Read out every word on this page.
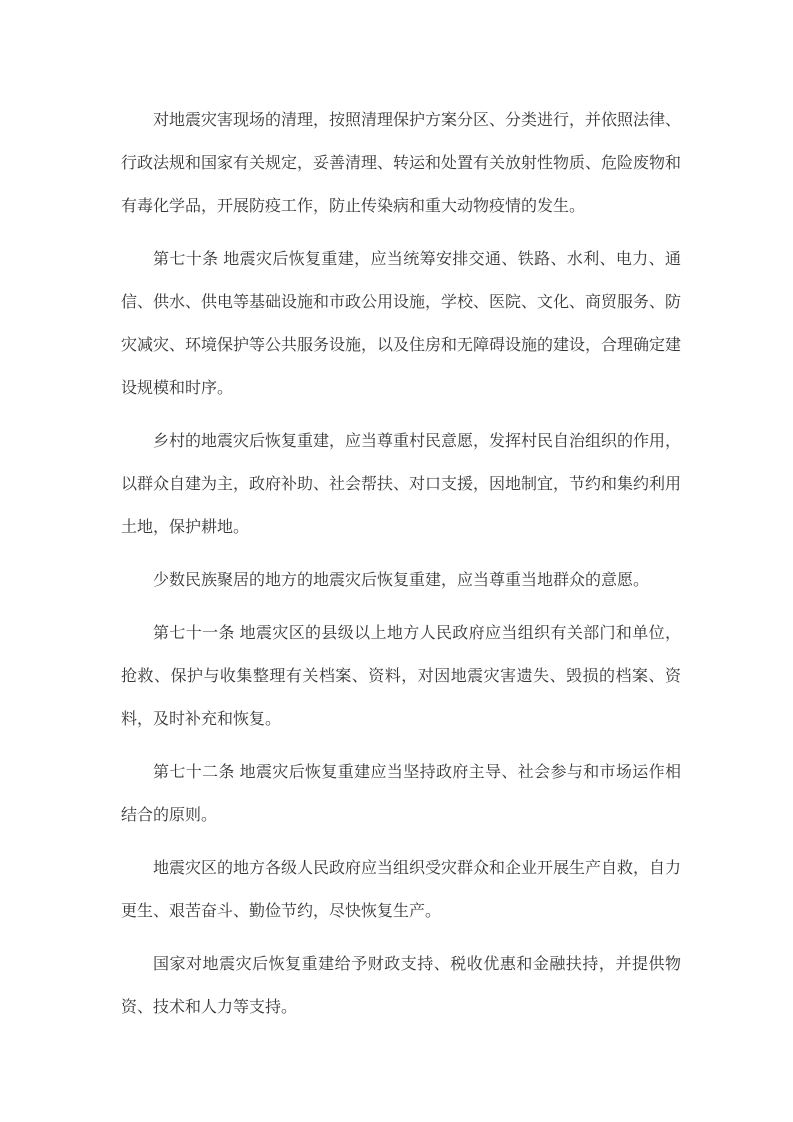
对地震灾害现场的清理，按照清理保护方案分区、分类进行，并依照法律、行政法规和国家有关规定，妥善清理、转运和处置有关放射性物质、危险废物和有毒化学品，开展防疫工作，防止传染病和重大动物疫情的发生。

第七十条 地震灾后恢复重建，应当统筹安排交通、铁路、水利、电力、通信、供水、供电等基础设施和市政公用设施，学校、医院、文化、商贸服务、防灾减灾、环境保护等公共服务设施，以及住房和无障碍设施的建设，合理确定建设规模和时序。

乡村的地震灾后恢复重建，应当尊重村民意愿，发挥村民自治组织的作用，以群众自建为主，政府补助、社会帮扶、对口支援，因地制宜，节约和集约利用土地，保护耕地。

少数民族聚居的地方的地震灾后恢复重建，应当尊重当地群众的意愿。

第七十一条 地震灾区的县级以上地方人民政府应当组织有关部门和单位，抢救、保护与收集整理有关档案、资料，对因地震灾害遗失、毁损的档案、资料，及时补充和恢复。

第七十二条 地震灾后恢复重建应当坚持政府主导、社会参与和市场运作相结合的原则。

地震灾区的地方各级人民政府应当组织受灾群众和企业开展生产自救，自力更生、艰苦奋斗、勤俭节约，尽快恢复生产。

国家对地震灾后恢复重建给予财政支持、税收优惠和金融扶持，并提供物资、技术和人力等支持。
